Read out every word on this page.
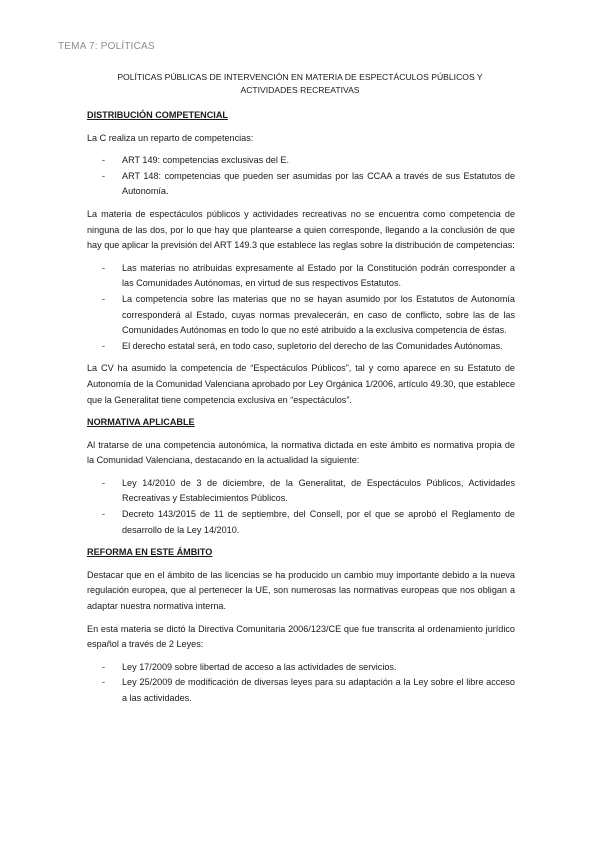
TEMA 7: POLÍTICAS
POLÍTICAS PÚBLICAS DE INTERVENCIÓN EN MATERIA DE ESPECTÁCULOS PÚBLICOS Y ACTIVIDADES RECREATIVAS
DISTRIBUCIÓN COMPETENCIAL
La C realiza un reparto de competencias:
- ART 149: competencias exclusivas del E.
- ART 148: competencias que pueden ser asumidas por las CCAA a través de sus Estatutos de Autonomía.
La materia de espectáculos públicos y actividades recreativas no se encuentra como competencia de ninguna de las dos, por lo que hay que plantearse a quien corresponde, llegando a la conclusión de que hay que aplicar la previsión del ART 149.3 que establece las reglas sobre la distribución de competencias:
- Las materias no atribuidas expresamente al Estado por la Constitución podrán corresponder a las Comunidades Autónomas, en virtud de sus respectivos Estatutos.
- La competencia sobre las materias que no se hayan asumido por los Estatutos de Autonomía corresponderá al Estado, cuyas normas prevalecerán, en caso de conflicto, sobre las de las Comunidades Autónomas en todo lo que no esté atribuido a la exclusiva competencia de éstas.
- El derecho estatal será, en todo caso, supletorio del derecho de las Comunidades Autónomas.
La CV ha asumido la competencia de “Espectáculos Públicos”, tal y como aparece en su Estatuto de Autonomía de la Comunidad Valenciana aprobado por Ley Orgánica 1/2006, artículo 49.30, que establece que la Generalitat tiene competencia exclusiva en “espectáculos”.
NORMATIVA APLICABLE
Al tratarse de una competencia autonómica, la normativa dictada en este ámbito es normativa propia de la Comunidad Valenciana, destacando en la actualidad la siguiente:
- Ley 14/2010 de 3 de diciembre, de la Generalitat, de Espectáculos Públicos, Actividades Recreativas y Establecimientos Públicos.
- Decreto 143/2015 de 11 de septiembre, del Consell, por el que se aprobó el Reglamento de desarrollo de la Ley 14/2010.
REFORMA EN ESTE ÁMBITO
Destacar que en el ámbito de las licencias se ha producido un cambio muy importante debido a la nueva regulación europea, que al pertenecer la UE, son numerosas las normativas europeas que nos obligan a adaptar nuestra normativa interna.
En esta materia se dictó la Directiva Comunitaria 2006/123/CE que fue transcrita al ordenamiento jurídico español a través de 2 Leyes:
- Ley 17/2009 sobre libertad de acceso a las actividades de servicios.
- Ley 25/2009 de modificación de diversas leyes para su adaptación a la Ley sobre el libre acceso a las actividades.
